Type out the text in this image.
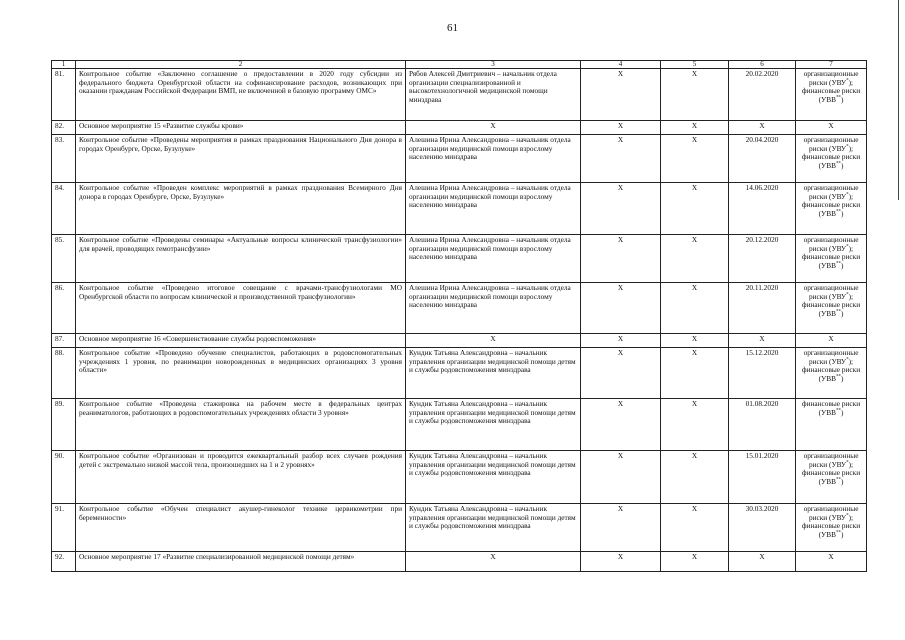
61
1	2	3	4	5	6	7
81.	Контрольное событие «Заключено соглашение о предоставлении в 2020 году субсидии из федерального бюджета Оренбургской области на софинансирование расходов, возникающих при оказании гражданам Российской Федерации ВМП, не включенной в базовую программу ОМС»	Рябов Алексей Дмитриевич – начальник отдела организации специализированной и высокотехнологичной медицинской помощи минздрава	X	X	20.02.2020	организационные риски (УВУ*); финансовые риски (УВВ**)
82.	Основное мероприятие 15 «Развитие службы крови»	X	X	X	X	X
83.	Контрольное событие «Проведены мероприятия в рамках празднования Национального Дня донора в городах Оренбурге, Орске, Бузулуке»	Алешина Ирина Александровна – начальник отдела организации медицинской помощи взрослому населению минздрава	X	X	20.04.2020	организационные риски (УВУ*); финансовые риски (УВВ**)
84.	Контрольное событие «Проведен комплекс мероприятий в рамках празднования Всемирного Дня донора в городах Оренбурге, Орске, Бузулуке»	Алешина Ирина Александровна – начальник отдела организации медицинской помощи взрослому населению минздрава	X	X	14.06.2020	организационные риски (УВУ*); финансовые риски (УВВ**)
85.	Контрольное событие «Проведены семинары «Актуальные вопросы клинической трансфузиологии» для врачей, проводящих гемотрансфузии»	Алешина Ирина Александровна – начальник отдела организации медицинской помощи взрослому населению минздрава	X	X	20.12.2020	организационные риски (УВУ*); финансовые риски (УВВ**)
86.	Контрольное событие «Проведено итоговое совещание с врачами-трансфузиологами МО Оренбургской области по вопросам клинической и производственной трансфузиологии»	Алешина Ирина Александровна – начальник отдела организации медицинской помощи взрослому населению минздрава	X	X	20.11.2020	организационные риски (УВУ*); финансовые риски (УВВ**)
87.	Основное мероприятие 16 «Совершенствование службы родовспоможения»	X	X	X	X	X
88.	Контрольное событие «Проведено обучение специалистов, работающих в родовспомогательных учреждениях 1 уровня, по реанимации новорожденных в медицинских организациях 3 уровня области»	Кундик Татьяна Александровна – начальник управления организации медицинской помощи детям и службы родовспоможения минздрава	X	X	15.12.2020	организационные риски (УВУ*); финансовые риски (УВВ**)
89.	Контрольное событие «Проведена стажировка на рабочем месте в федеральных центрах реаниматологов, работающих в родовспомогательных учреждениях области 3 уровня»	Кундик Татьяна Александровна – начальник управления организации медицинской помощи детям и службы родовспоможения минздрава	X	X	01.08.2020	финансовые риски (УВВ**)
90.	Контрольное событие «Организован и проводится ежеквартальный разбор всех случаев рождения детей с экстремально низкой массой тела, произошедших на 1 и 2 уровнях»	Кундик Татьяна Александровна – начальник управления организации медицинской помощи детям и службы родовспоможения минздрава	X	X	15.01.2020	организационные риски (УВУ*); финансовые риски (УВВ**)
91.	Контрольное событие «Обучен специалист акушер-гинеколог технике цервикометрии при беременности»	Кундик Татьяна Александровна – начальник управления организации медицинской помощи детям и службы родовспоможения минздрава	X	X	30.03.2020	организационные риски (УВУ*); финансовые риски (УВВ**)
92.	Основное мероприятие 17 «Развитие специализированной медицинской помощи детям»	X	X	X	X	X
